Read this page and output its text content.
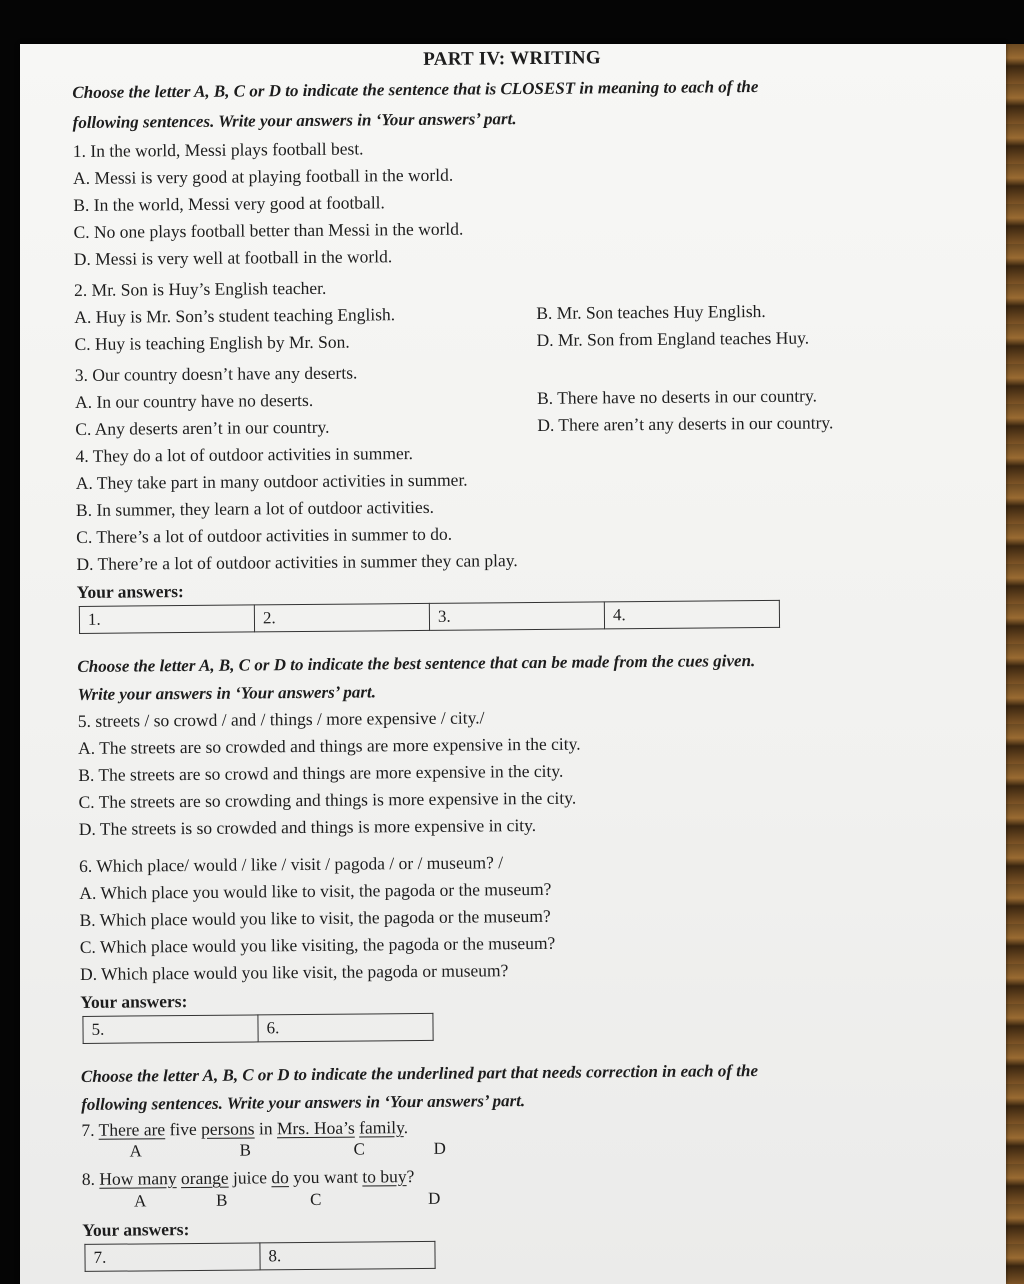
PART IV: WRITING

Choose the letter A, B, C or D to indicate the sentence that is CLOSEST in meaning to each of the

following sentences. Write your answers in ‘Your answers’ part.

1. In the world, Messi plays football best.

A. Messi is very good at playing football in the world.

B. In the world, Messi very good at football.

C. No one plays football better than Messi in the world.

D. Messi is very well at football in the world.

2. Mr. Son is Huy’s English teacher.

A. Huy is Mr. Son’s student teaching English.	B. Mr. Son teaches Huy English.

C. Huy is teaching English by Mr. Son.	D. Mr. Son from England teaches Huy.

3. Our country doesn’t have any deserts.

A. In our country have no deserts.	B. There have no deserts in our country.

C. Any deserts aren’t in our country.	D. There aren’t any deserts in our country.

4. They do a lot of outdoor activities in summer.

A. They take part in many outdoor activities in summer.

B. In summer, they learn a lot of outdoor activities.

C. There’s a lot of outdoor activities in summer to do.

D. There’re a lot of outdoor activities in summer they can play.

Your answers:
1.	2.	3.	4.

Choose the letter A, B, C or D to indicate the best sentence that can be made from the cues given.

Write your answers in ‘Your answers’ part.

5. streets / so crowd / and / things / more expensive / city./

A. The streets are so crowded and things are more expensive in the city.

B. The streets are so crowd and things are more expensive in the city.

C. The streets are so crowding and things is more expensive in the city.

D. The streets is so crowded and things is more expensive in city.

6. Which place/ would / like / visit / pagoda / or / museum? /

A. Which place you would like to visit, the pagoda or the museum?

B. Which place would you like to visit, the pagoda or the museum?

C. Which place would you like visiting, the pagoda or the museum?

D. Which place would you like visit, the pagoda or museum?

Your answers:
5.	6.

Choose the letter A, B, C or D to indicate the underlined part that needs correction in each of the

following sentences. Write your answers in ‘Your answers’ part.

7. There are five persons in Mrs. Hoa’s family.

A	B	C	D

8. How many orange juice do you want to buy?

A	B	C	D
Your answers:
7.	8.
